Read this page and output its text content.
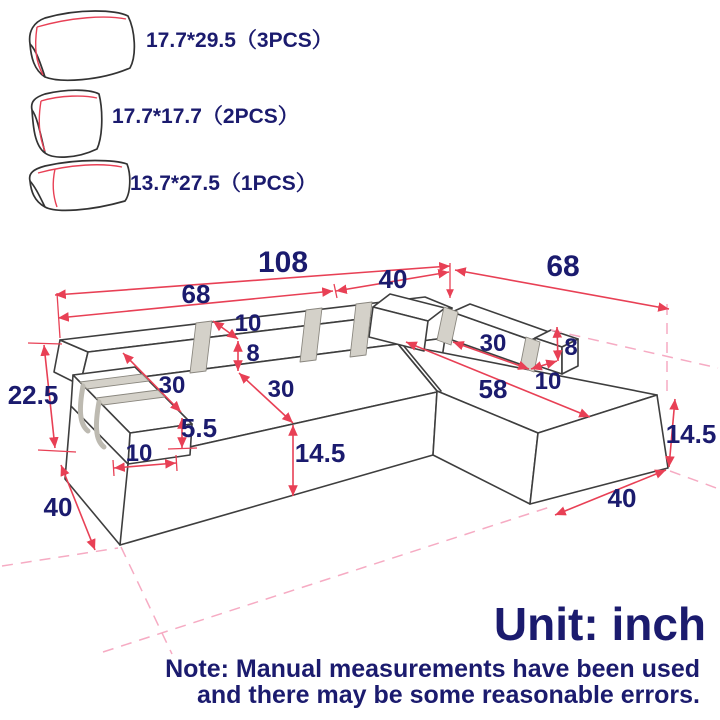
17.7*29.5（3PCS）
17.7*17.7（2PCS）
13.7*27.5（1PCS）
108	68
40
68
10
8
30	30
30 8
10
58
22.5
5.5
10	14.5
14.5
40	40
Unit: inch
Note: Manual measurements have been used
and there may be some reasonable errors.
